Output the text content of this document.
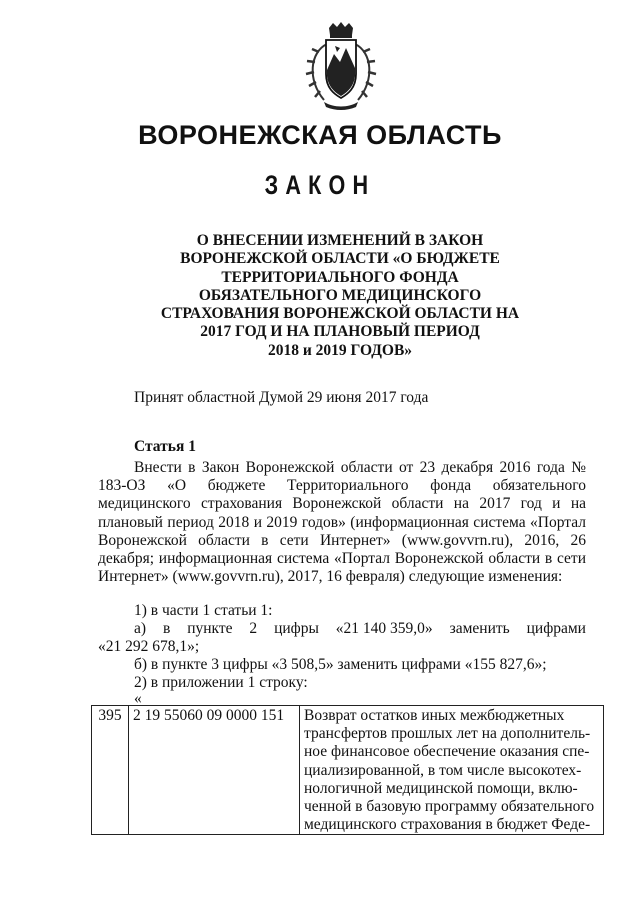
ВОРОНЕЖСКАЯ ОБЛАСТЬ
ЗАКОН
О ВНЕСЕНИИ ИЗМЕНЕНИЙ В ЗАКОН
ВОРОНЕЖСКОЙ ОБЛАСТИ «О БЮДЖЕТЕ
ТЕРРИТОРИАЛЬНОГО ФОНДА
ОБЯЗАТЕЛЬНОГО МЕДИЦИНСКОГО
СТРАХОВАНИЯ ВОРОНЕЖСКОЙ ОБЛАСТИ НА
2017 ГОД И НА ПЛАНОВЫЙ ПЕРИОД
2018 и 2019 ГОДОВ»

Принят областной Думой 29 июня 2017 года

Статья 1

Внести в Закон Воронежской области от 23 декабря 2016 года № 183-ОЗ «О бюджете Территориального фонда обязательного медицинского страхования Воронежской области на 2017 год и на плановый период 2018 и 2019 годов» (информационная система «Портал Воронежской области в сети Интернет» (www.govvrn.ru), 2016, 26 декабря; информационная система «Портал Воронежской области в сети Интернет» (www.govvrn.ru), 2017, 16 февраля) следующие изменения:

1) в части 1 статьи 1:

а) в пункте 2 цифры «21 140 359,0» заменить цифрами

«21 292 678,1»;

б) в пункте 3 цифры «3 508,5» заменить цифрами «155 827,6»;

2) в приложении 1 строку:

«

395	2 19 55060 09 0000 151	Возврат остатков иных межбюджетных
трансфертов прошлых лет на дополнитель-
ное финансовое обеспечение оказания спе-
циализированной, в том числе высокотех-
нологичной медицинской помощи, вклю-
ченной в базовую программу обязательного
медицинского страхования в бюджет Феде-
